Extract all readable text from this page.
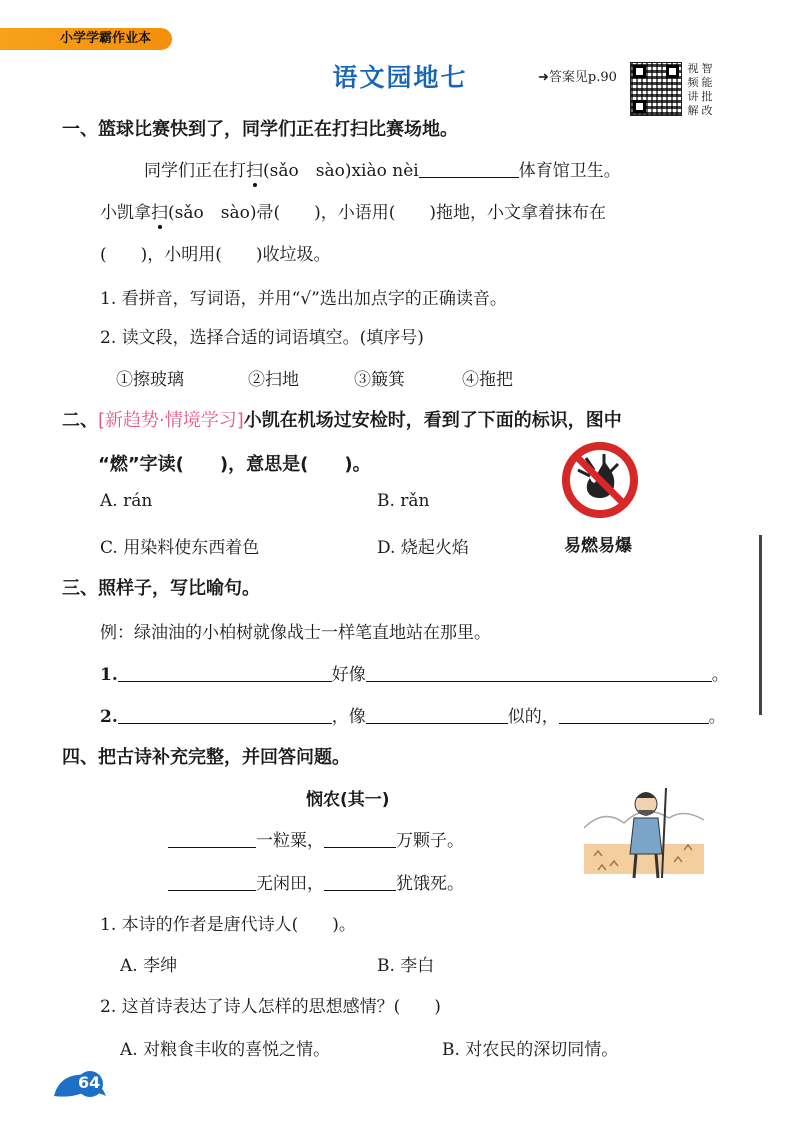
小学学霸作业本
语文园地七	➜答案见p.90
视 智
频 能
讲 批
解 改
一、篮球比赛快到了，同学们正在打扫比赛场地。
同学们正在打扫(sǎo　sào)xiào nèi	体育馆卫生。
小凯拿扫(sǎo　sào)帚(　　)，小语用(　　)拖地，小文拿着抹布在
(　　)，小明用(　　)收垃圾。
1. 看拼音，写词语，并用“√”选出加点字的正确读音。
2. 读文段，选择合适的词语填空。(填序号)
①擦玻璃	②扫地	③簸箕	④拖把
二、[新趋势·情境学习]小凯在机场过安检时，看到了下面的标识，图中
“燃”字读(　　)，意思是(　　)。
A. rán	B. rǎn
C. 用染料使东西着色	D. 烧起火焰	易燃易爆
三、照样子，写比喻句。
例：绿油油的小柏树就像战士一样笔直地站在那里。
1.	好像	。
2.	，像	似的，	。
四、把古诗补充完整，并回答问题。
悯农(其一)
一粒粟，	万颗子。
无闲田，	犹饿死。
1. 本诗的作者是唐代诗人(　　)。
A. 李绅	B. 李白
2. 这首诗表达了诗人怎样的思想感情？(　　)
A. 对粮食丰收的喜悦之情。	B. 对农民的深切同情。
64
